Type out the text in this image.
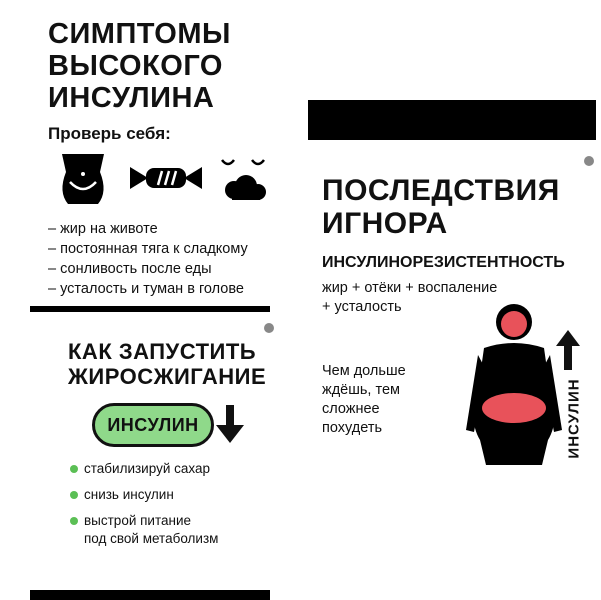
СИМПТОМЫ
ВЫСОКОГО
ИНСУЛИНА
Проверь себя:
– жир на животе
– постоянная тяга к сладкому
– сонливость после еды
– усталость и туман в голове
КАК ЗАПУСТИТЬ
ЖИРОСЖИГАНИЕ
ИНСУЛИН
стабилизируй сахар
снизь инсулин
выстрой питание
под свой метаболизм
ПОСЛЕДСТВИЯ
ИГНОРА
ИНСУЛИНОРЕЗИСТЕНТНОСТЬ
жир + отёки + воспаление
+ усталость
Чем дольше
ждёшь, тем
сложнее
похудеть	ИНСУЛИН
